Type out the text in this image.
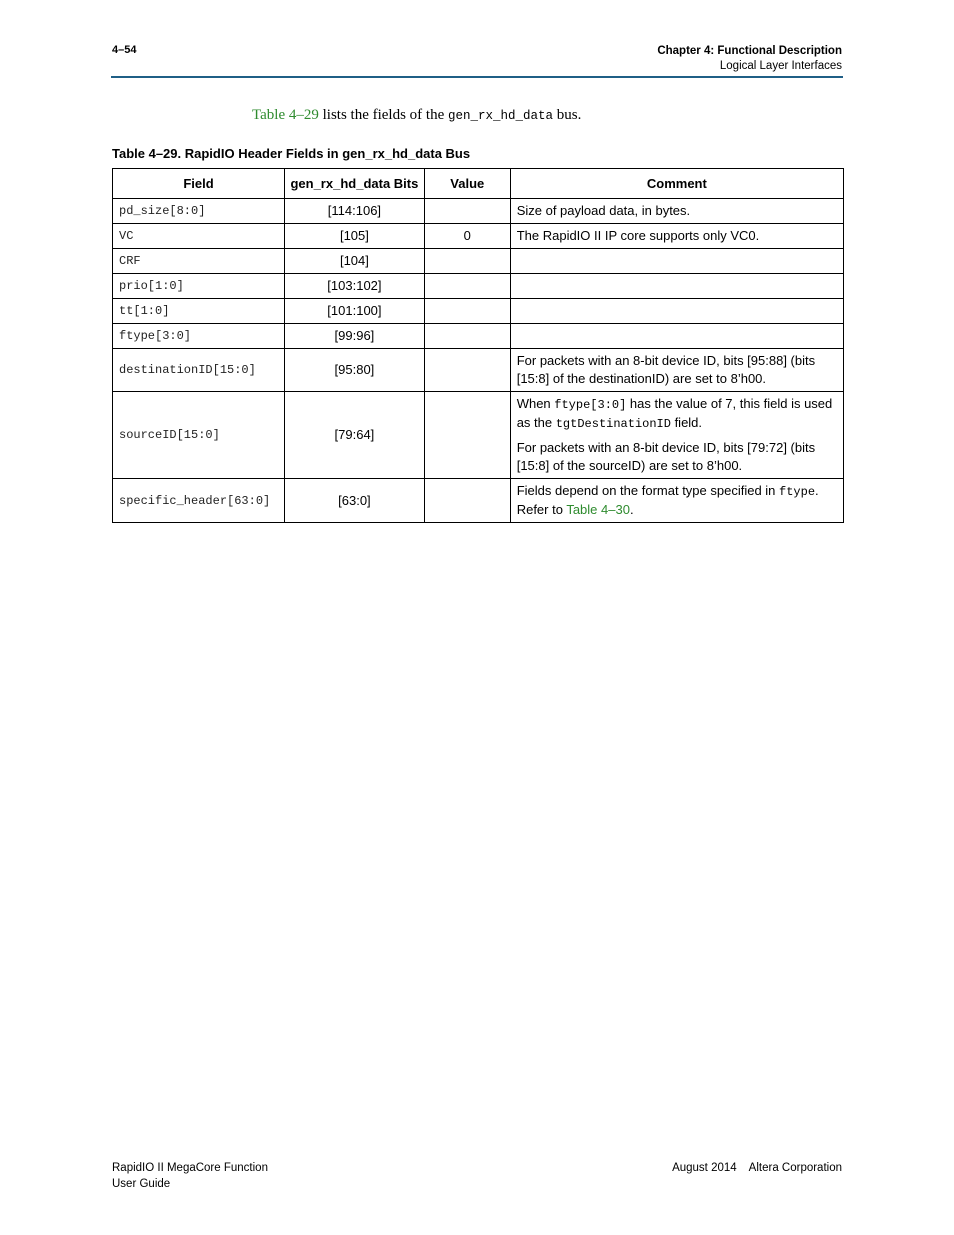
4–54	Chapter 4: Functional Description
Logical Layer Interfaces
Table 4–29 lists the fields of the gen_rx_hd_data bus.
Table 4–29. RapidIO Header Fields in gen_rx_hd_data Bus
Field	gen_rx_hd_data Bits	Value	Comment
pd_size[8:0]	[114:106]		Size of payload data, in bytes.
VC	[105]	0	The RapidIO II IP core supports only VC0.
CRF	[104]		
prio[1:0]	[103:102]		
tt[1:0]	[101:100]		
ftype[3:0]	[99:96]		
destinationID[15:0]	[95:80]		For packets with an 8-bit device ID, bits [95:88] (bits [15:8] of the destinationID) are set to 8’h00.
sourceID[15:0]	[79:64]		When ftype[3:0] has the value of 7, this field is used as the tgtDestinationID field.

For packets with an 8-bit device ID, bits [79:72] (bits [15:8] of the sourceID) are set to 8’h00.

specific_header[63:0]	[63:0]		Fields depend on the format type specified in ftype. Refer to Table 4–30.
RapidIO II MegaCore Function
User Guide
August 2014 Altera Corporation
